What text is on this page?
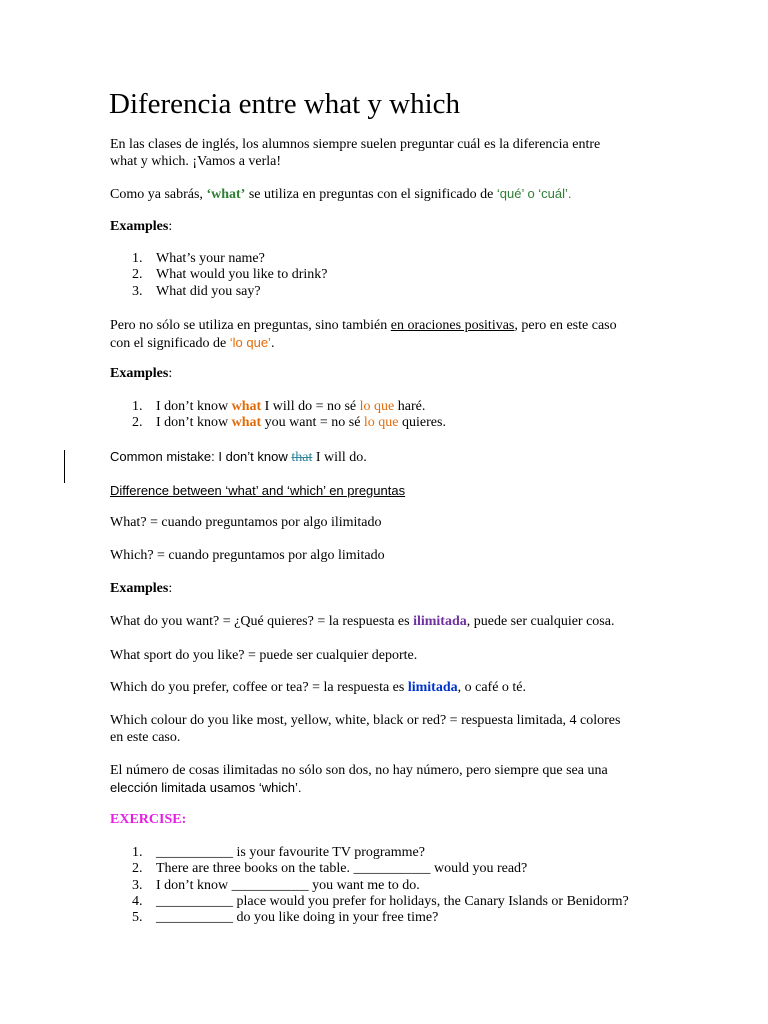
Diferencia entre what y which

En las clases de inglés, los alumnos siempre suelen preguntar cuál es la diferencia entre
what y which. ¡Vamos a verla!

Como ya sabrás, ‘what’ se utiliza en preguntas con el significado de ‘qué’ o ‘cuál’.

Examples:

1. What’s your name?
2. What would you like to drink?
3. What did you say?

Pero no sólo se utiliza en preguntas, sino también en oraciones positivas, pero en este caso
con el significado de ‘lo que’.

Examples:

1. I don’t know what I will do = no sé lo que haré.
2. I don’t know what you want = no sé lo que quieres.

Common mistake: I don’t know that I will do.

Difference between ‘what’ and ‘which’ en preguntas

What? = cuando preguntamos por algo ilimitado

Which? = cuando preguntamos por algo limitado

Examples:

What do you want? = ¿Qué quieres? = la respuesta es ilimitada, puede ser cualquier cosa.

What sport do you like? = puede ser cualquier deporte.

Which do you prefer, coffee or tea? = la respuesta es limitada, o café o té.

Which colour do you like most, yellow, white, black or red? = respuesta limitada, 4 colores
en este caso.

El número de cosas ilimitadas no sólo son dos, no hay número, pero siempre que sea una
elección limitada usamos ‘which’.

EXERCISE:

1. ___________ is your favourite TV programme?
2. There are three books on the table. ___________ would you read?
3. I don’t know ___________ you want me to do.
4. ___________ place would you prefer for holidays, the Canary Islands or Benidorm?
5. ___________ do you like doing in your free time?
